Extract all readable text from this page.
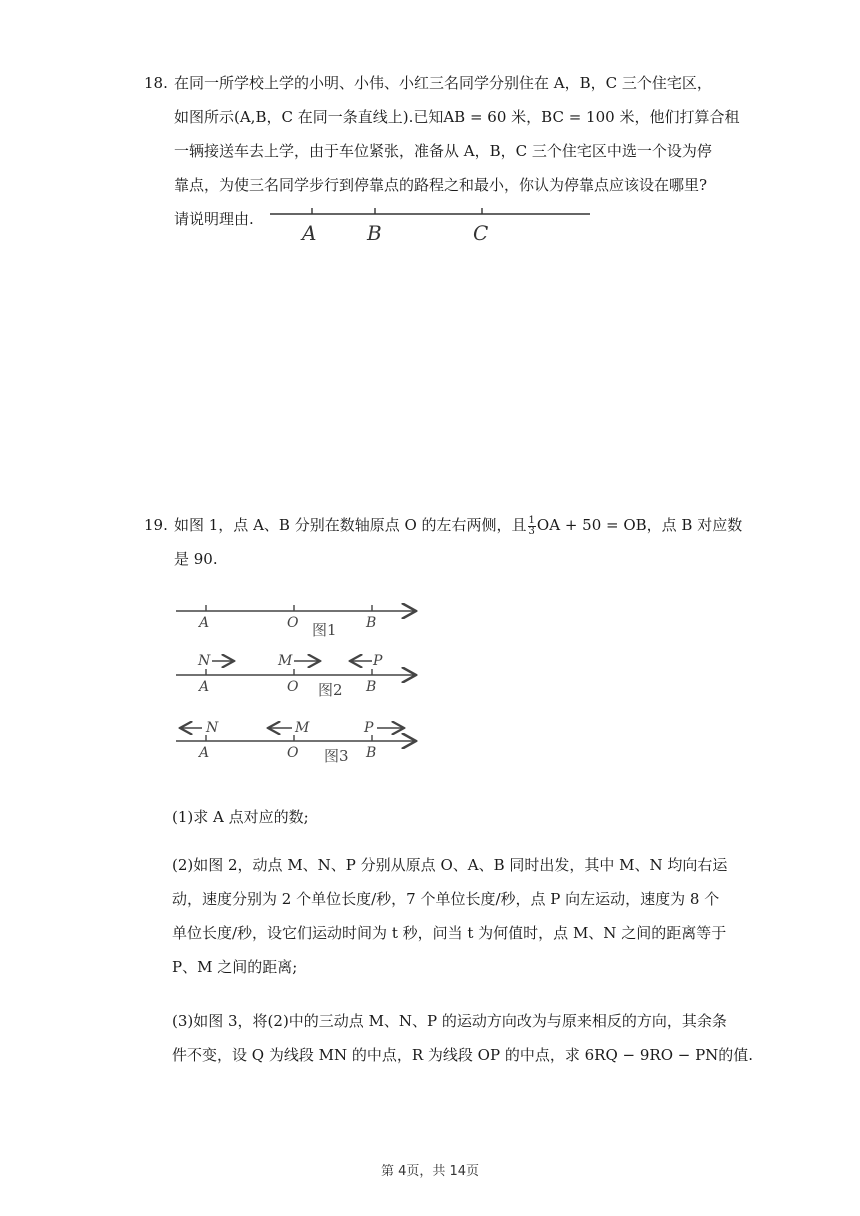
18. 在同一所学校上学的小明、小伟、小红三名同学分别住在 A，B，C 三个住宅区，
如图所示(A,B，C 在同一条直线上).已知AB = 60 米，BC = 100 米，他们打算合租
一辆接送车去上学，由于车位紧张，准备从 A，B，C 三个住宅区中选一个设为停
靠点，为使三名同学步行到停靠点的路程之和最小，你认为停靠点应该设在哪里?
请说明理由.
A	B	C
19. 如图 1，点 A、B 分别在数轴原点 O 的左右两侧，且 $\frac{1}{3}$ OA + 50 = OB，点 B 对应数
是 90.
A	O	B
图1
N	M	P
A	O	B
图2
N	M	P
A	O	B
图3
(1)求 A 点对应的数;
(2)如图 2，动点 M、N、P 分别从原点 O、A、B 同时出发，其中 M、N 均向右运
动，速度分别为 2 个单位长度/秒，7 个单位长度/秒，点 P 向左运动，速度为 8 个
单位长度/秒，设它们运动时间为 t 秒，问当 t 为何值时，点 M、N 之间的距离等于
P、M 之间的距离;
(3)如图 3，将(2)中的三动点 M、N、P 的运动方向改为与原来相反的方向，其余条
件不变，设 Q 为线段 MN 的中点，R 为线段 OP 的中点，求 6RQ − 9RO − PN的值.
第 4页，共 14页
